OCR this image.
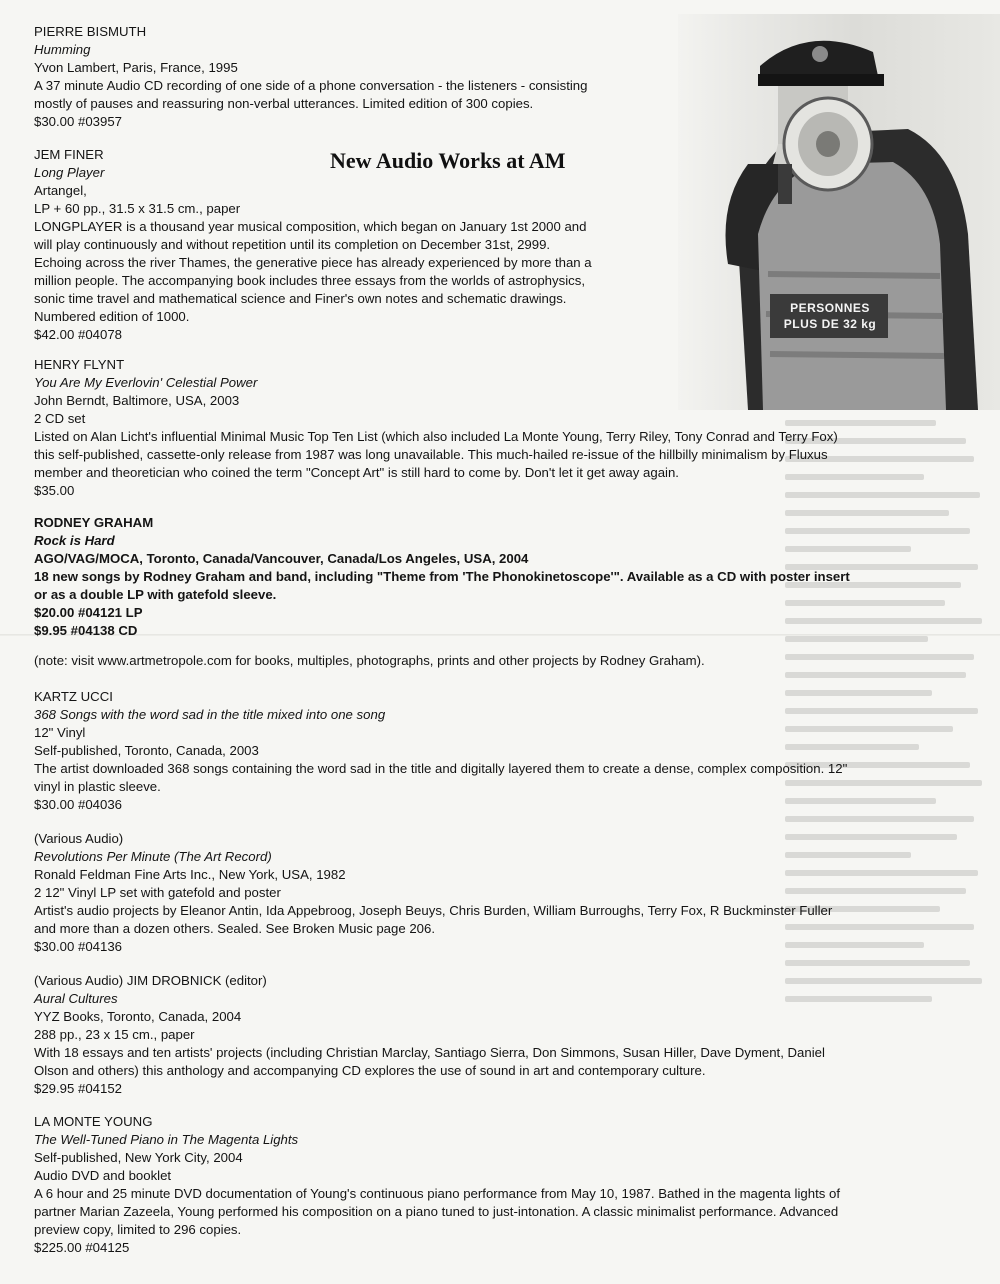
PERSONNES
PLUS DE 32 kg
New Audio Works at AM
PIERRE BISMUTH
Humming
Yvon Lambert, Paris, France, 1995
A 37 minute Audio CD recording of one side of a phone conversation - the listeners - consisting
mostly of pauses and reassuring non-verbal utterances. Limited edition of 300 copies.
$30.00 #03957
JEM FINER
Long Player
Artangel,
LP + 60 pp., 31.5 x 31.5 cm., paper
LONGPLAYER is a thousand year musical composition, which began on January 1st 2000 and
will play continuously and without repetition until its completion on December 31st, 2999.
Echoing across the river Thames, the generative piece has already experienced by more than a
million people. The accompanying book includes three essays from the worlds of astrophysics,
sonic time travel and mathematical science and Finer's own notes and schematic drawings.
Numbered edition of 1000.
$42.00 #04078
HENRY FLYNT
You Are My Everlovin' Celestial Power
John Berndt, Baltimore, USA, 2003
2 CD set
Listed on Alan Licht's influential Minimal Music Top Ten List (which also included La Monte Young, Terry Riley, Tony Conrad and Terry Fox)
this self-published, cassette-only release from 1987 was long unavailable. This much-hailed re-issue of the hillbilly minimalism by Fluxus
member and theoretician who coined the term "Concept Art" is still hard to come by. Don't let it get away again.
$35.00
RODNEY GRAHAM
Rock is Hard
AGO/VAG/MOCA, Toronto, Canada/Vancouver, Canada/Los Angeles, USA, 2004
18 new songs by Rodney Graham and band, including "Theme from 'The Phonokinetoscope'". Available as a CD with poster insert
or as a double LP with gatefold sleeve.
$20.00 #04121 LP
$9.95 #04138 CD
(note: visit www.artmetropole.com for books, multiples, photographs, prints and other projects by Rodney Graham).
KARTZ UCCI
368 Songs with the word sad in the title mixed into one song
12" Vinyl
Self-published, Toronto, Canada, 2003
The artist downloaded 368 songs containing the word sad in the title and digitally layered them to create a dense, complex composition. 12"
vinyl in plastic sleeve.
$30.00 #04036
(Various Audio)
Revolutions Per Minute (The Art Record)
Ronald Feldman Fine Arts Inc., New York, USA, 1982
2 12" Vinyl LP set with gatefold and poster
Artist's audio projects by Eleanor Antin, Ida Appebroog, Joseph Beuys, Chris Burden, William Burroughs, Terry Fox, R Buckminster Fuller
and more than a dozen others. Sealed. See Broken Music page 206.
$30.00 #04136
(Various Audio) JIM DROBNICK (editor)
Aural Cultures
YYZ Books, Toronto, Canada, 2004
288 pp., 23 x 15 cm., paper
With 18 essays and ten artists' projects (including Christian Marclay, Santiago Sierra, Don Simmons, Susan Hiller, Dave Dyment, Daniel
Olson and others) this anthology and accompanying CD explores the use of sound in art and contemporary culture.
$29.95 #04152
LA MONTE YOUNG
The Well-Tuned Piano in The Magenta Lights
Self-published, New York City, 2004
Audio DVD and booklet
A 6 hour and 25 minute DVD documentation of Young's continuous piano performance from May 10, 1987. Bathed in the magenta lights of
partner Marian Zazeela, Young performed his composition on a piano tuned to just-intonation. A classic minimalist performance. Advanced
preview copy, limited to 296 copies.
$225.00 #04125
